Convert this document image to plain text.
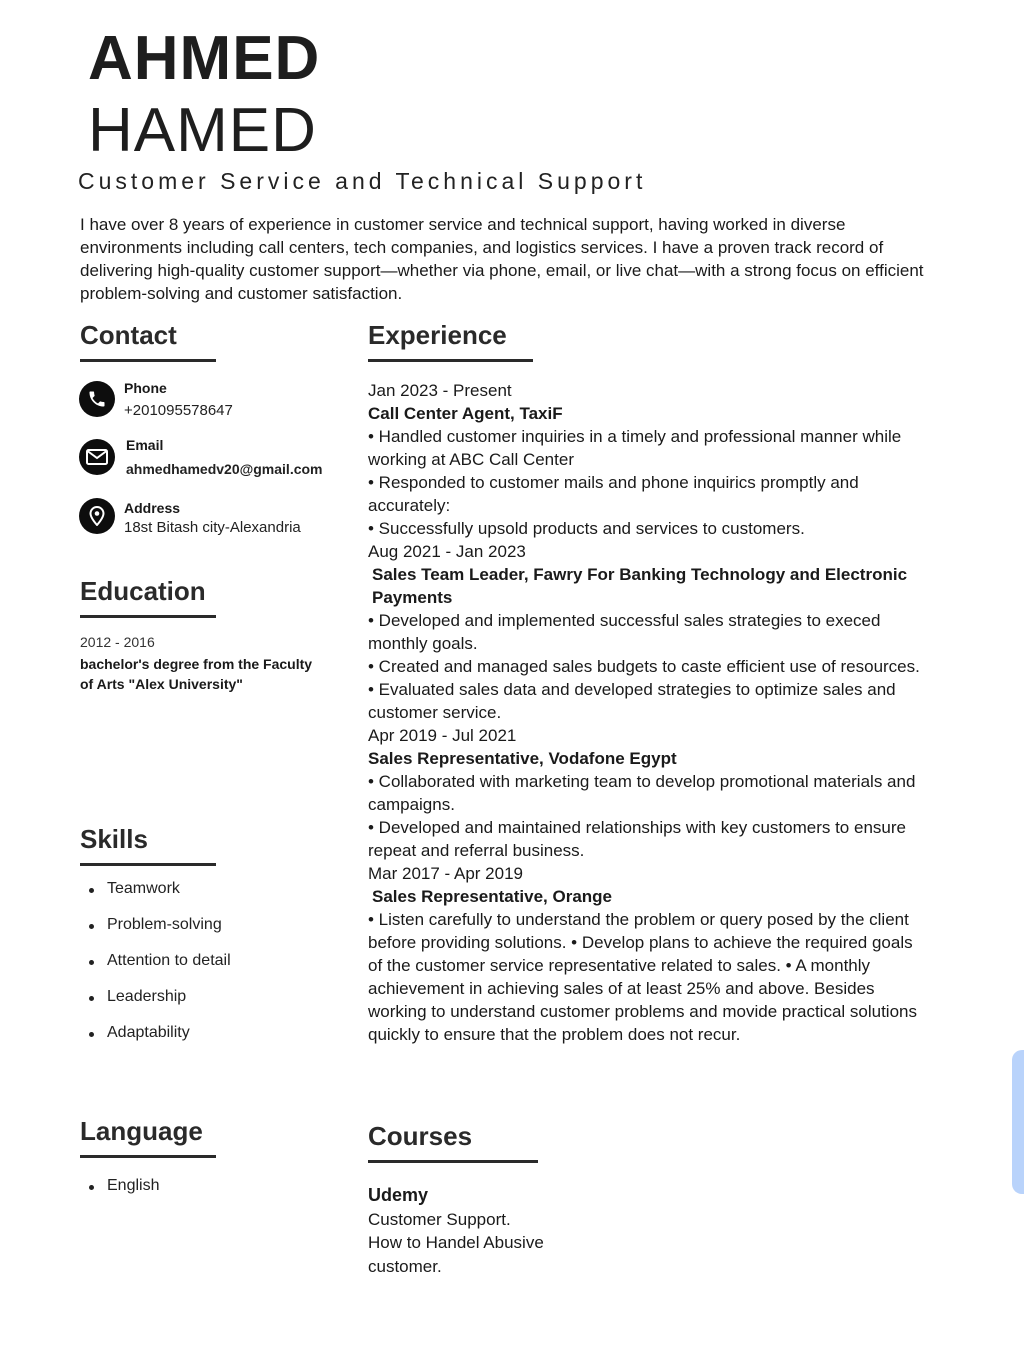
AHMED
HAMED
Customer Service and Technical Support
I have over 8 years of experience in customer service and technical support, having worked in diverse environments including call centers, tech companies, and logistics services. I have a proven track record of delivering high-quality customer support—whether via phone, email, or live chat—with a strong focus on efficient problem-solving and customer satisfaction.
Contact
Phone
+201095578647
Email
ahmedhamedv20@gmail.com
Address
18st Bitash city-Alexandria
Education
2012 - 2016
bachelor's degree from the Faculty of Arts "Alex University"
Skills
Teamwork
Problem-solving
Attention to detail
Leadership
Adaptability
Language
English
Experience
Jan 2023 - Present
Call Center Agent, TaxiF
• Handled customer inquiries in a timely and professional manner while working at ABC Call Center
• Responded to customer mails and phone inquirics promptly and accurately:
• Successfully upsold products and services to customers.
Aug 2021 - Jan 2023
Sales Team Leader, Fawry For Banking Technology and Electronic Payments
• Developed and implemented successful sales strategies to execed monthly goals.
• Created and managed sales budgets to caste efficient use of resources.
• Evaluated sales data and developed strategies to optimize sales and customer service.
Apr 2019 - Jul 2021
Sales Representative, Vodafone Egypt
• Collaborated with marketing team to develop promotional materials and campaigns.
• Developed and maintained relationships with key customers to ensure repeat and referral business.
Mar 2017 - Apr 2019
Sales Representative, Orange
• Listen carefully to understand the problem or query posed by the client before providing solutions. • Develop plans to achieve the required goals of the customer service representative related to sales. • A monthly achievement in achieving sales of at least 25% and above. Besides working to understand customer problems and movide practical solutions quickly to ensure that the problem does not recur.
Courses
Udemy
Customer Support.
How to Handel Abusive customer.
